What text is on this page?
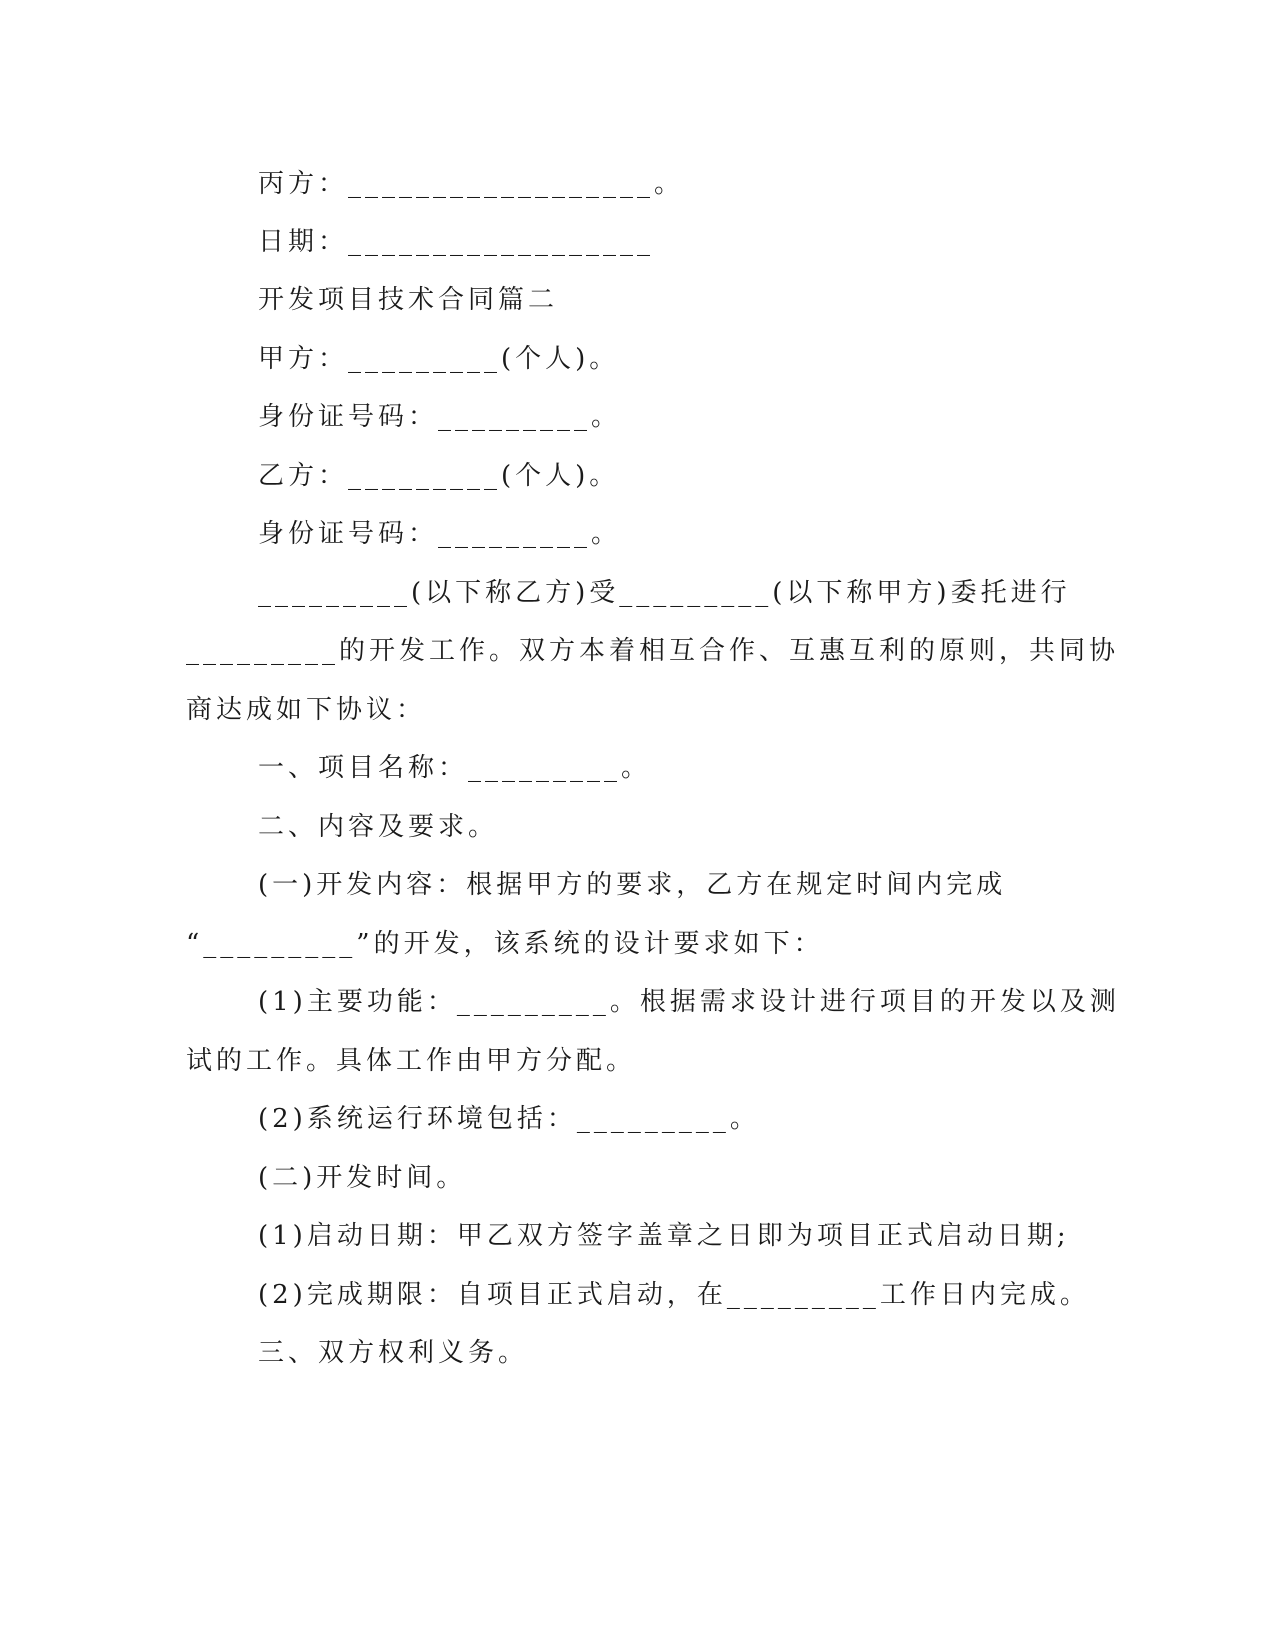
丙方：__________________。
日期：__________________
开发项目技术合同篇二
甲方：_________(个人)。
身份证号码：_________。
乙方：_________(个人)。
身份证号码：_________。
_________(以下称乙方)受_________(以下称甲方)委托进行
_________的开发工作。双方本着相互合作、互惠互利的原则，共同协
商达成如下协议：
一、项目名称：_________。
二、内容及要求。
(一)开发内容：根据甲方的要求，乙方在规定时间内完成
“_________”的开发，该系统的设计要求如下：
(1)主要功能：_________。根据需求设计进行项目的开发以及测
试的工作。具体工作由甲方分配。
(2)系统运行环境包括：_________。
(二)开发时间。
(1)启动日期：甲乙双方签字盖章之日即为项目正式启动日期;
(2)完成期限：自项目正式启动，在_________工作日内完成。
三、双方权利义务。
